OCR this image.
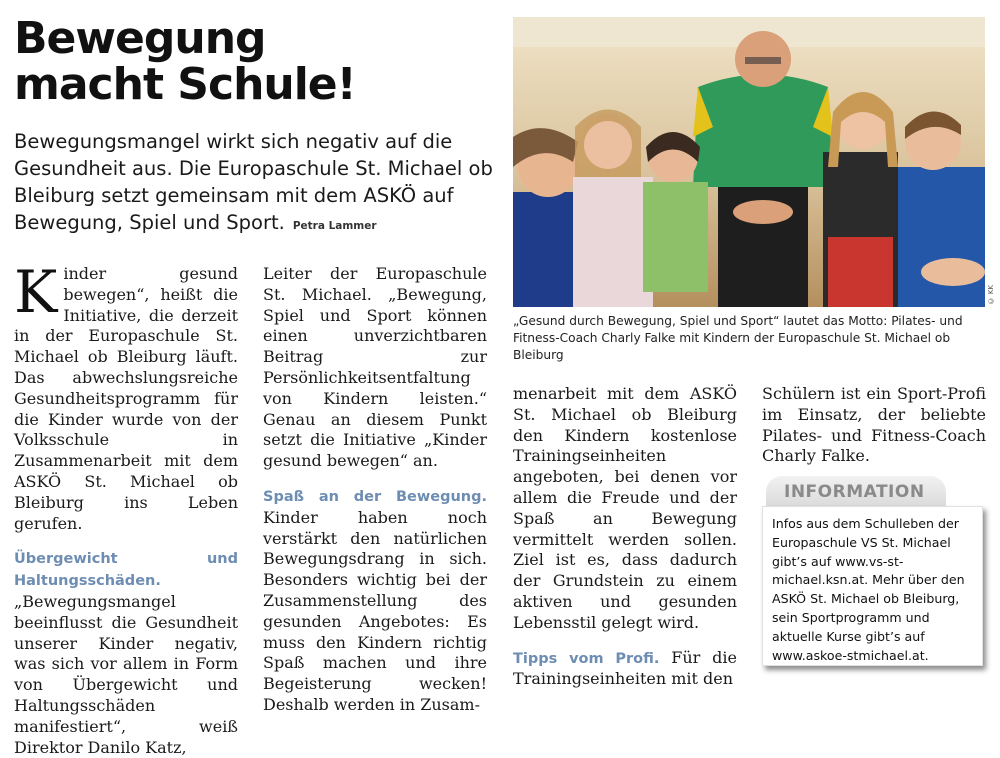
Bewegung
macht Schule!

Bewegungsmangel wirkt sich negativ auf die Gesundheit aus. Die Europaschule St. Michael ob Bleiburg setzt gemeinsam mit dem ASKÖ auf Bewegung, Spiel und Sport. Petra Lammer

© KK

„Gesund durch Bewegung, Spiel und Sport“ lautet das Motto: Pilates- und Fitness-Coach Charly Falke mit Kindern der Europaschule St. Michael ob Bleiburg

Kinder gesund bewegen“, heißt die Initiative, die derzeit in der Europaschule St. Michael ob Bleiburg läuft. Das abwechslungsreiche Gesundheitsprogramm für die Kinder wurde von der Volksschule in Zusammenarbeit mit dem ASKÖ St. Michael ob Bleiburg ins Leben gerufen.

Übergewicht und Haltungsschäden. „Bewegungsmangel beeinflusst die Gesundheit unserer Kinder negativ, was sich vor allem in Form von Übergewicht und Haltungsschäden manifestiert“, weiß Direktor Danilo Katz,

Leiter der Europaschule St. Michael. „Bewegung, Spiel und Sport können einen unverzichtbaren Beitrag zur Persönlichkeitsentfaltung von Kindern leisten.“ Genau an diesem Punkt setzt die Initiative „Kinder gesund bewegen“ an.

Spaß an der Bewegung. Kinder haben noch verstärkt den natürlichen Bewegungsdrang in sich. Besonders wichtig bei der Zusammenstellung des gesunden Angebotes: Es muss den Kindern richtig Spaß machen und ihre Begeisterung wecken! Deshalb werden in Zusam-

menarbeit mit dem ASKÖ St. Michael ob Bleiburg den Kindern kostenlose Trainingseinheiten angeboten, bei denen vor allem die Freude und der Spaß an Bewegung vermittelt werden sollen. Ziel ist es, dass dadurch der Grundstein zu einem aktiven und gesunden Lebensstil gelegt wird.

Tipps vom Profi. Für die Trainingseinheiten mit den

Schülern ist ein Sport-Profi im Einsatz, der beliebte Pilates- und Fitness-Coach Charly Falke.

INFORMATION
Infos aus dem Schulleben der Europaschule VS St. Michael gibt’s auf www.vs-st-michael.ksn.at. Mehr über den ASKÖ St. Michael ob Bleiburg, sein Sportprogramm und aktuelle Kurse gibt’s auf www.askoe-stmichael.at.
